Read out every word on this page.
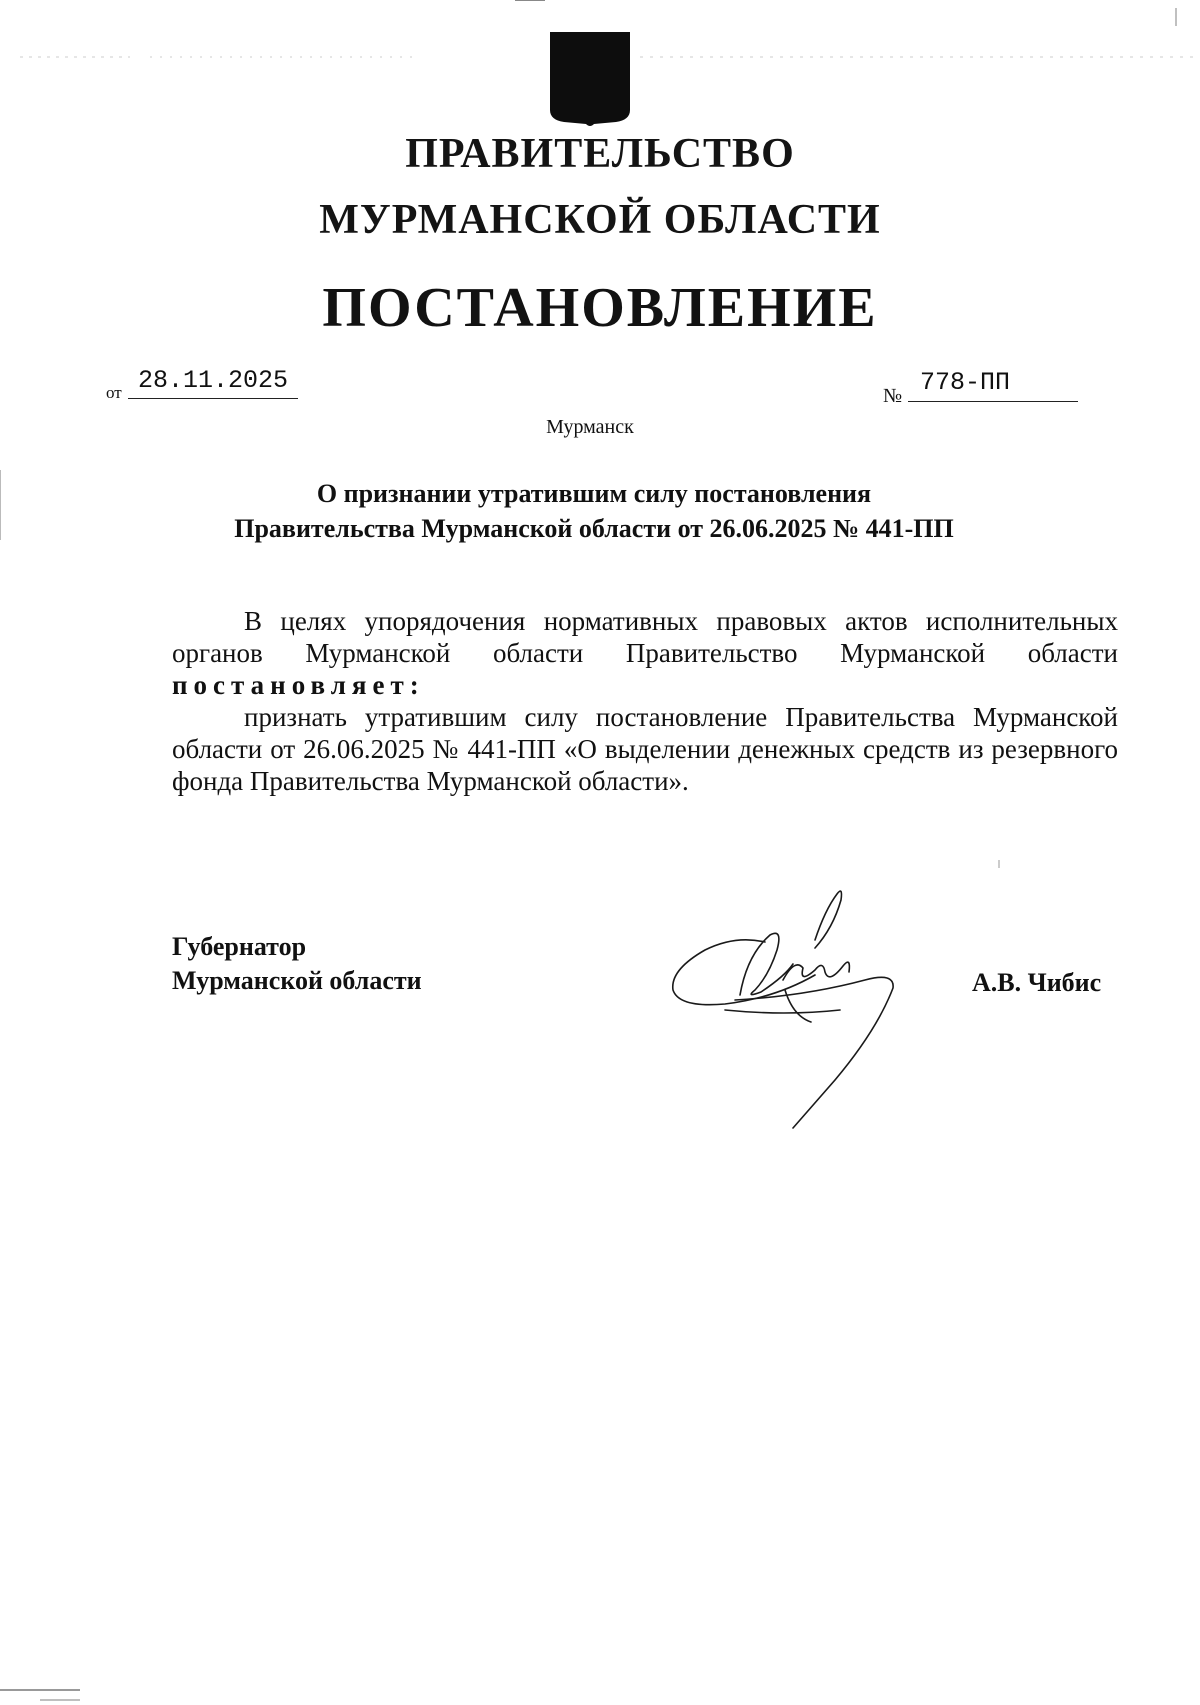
ПРАВИТЕЛЬСТВО
МУРМАНСКОЙ ОБЛАСТИ
ПОСТАНОВЛЕНИЕ
от 28.11.2025
№ 778-ПП
Мурманск
О признании утратившим силу постановления
Правительства Мурманской области от 26.06.2025 № 441-ПП
В целях упорядочения нормативных правовых актов исполнительных
органов Мурманской области Правительство Мурманской области
постановляет:
признать утратившим силу постановление Правительства Мурманской области от 26.06.2025 № 441-ПП «О выделении денежных средств из резервного фонда Правительства Мурманской области».
Губернатор
Мурманской области	А.В. Чибис
